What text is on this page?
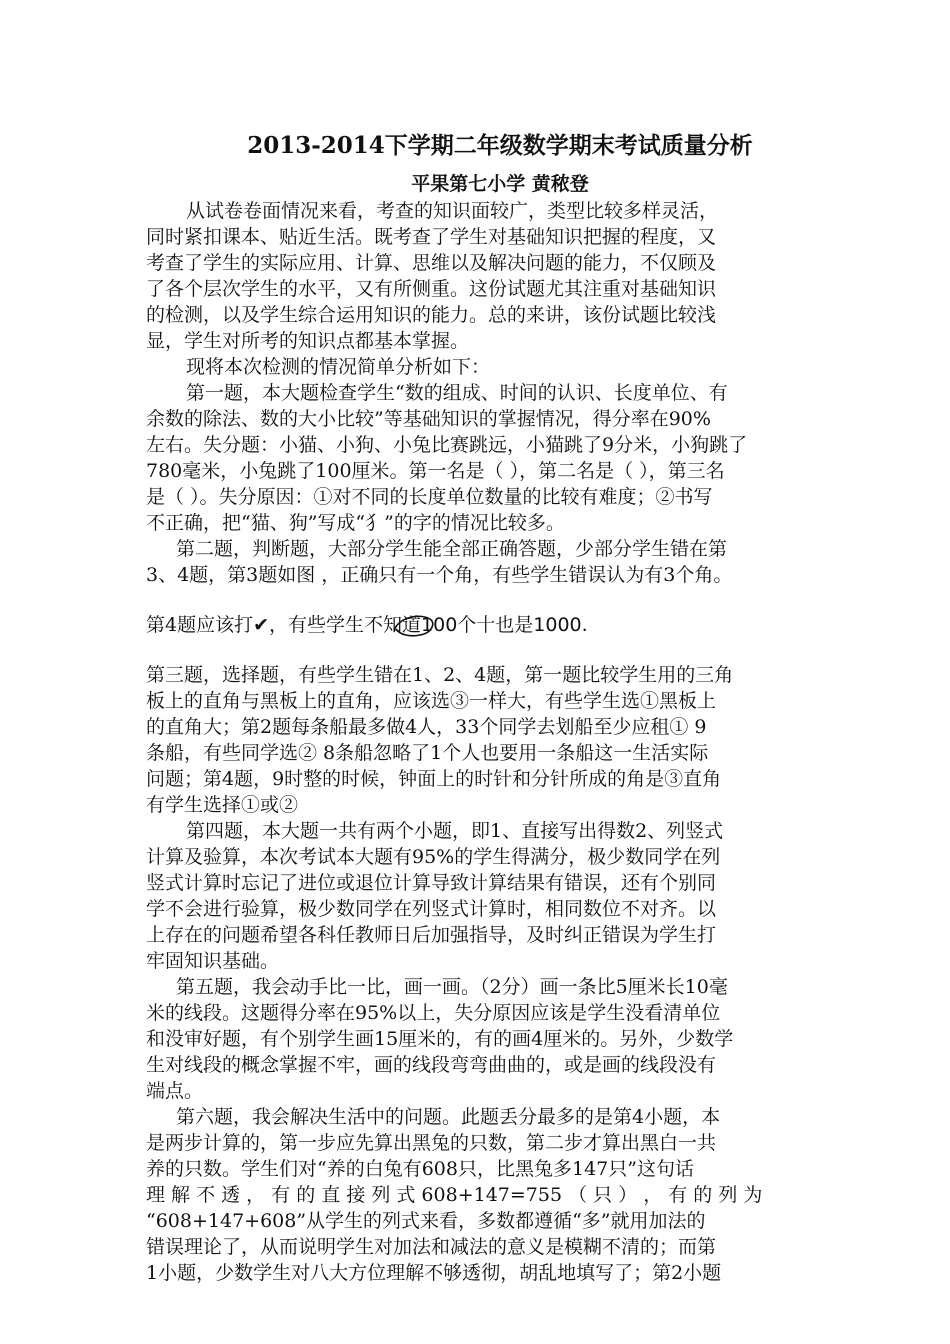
2013-2014下学期二年级数学期末考试质量分析
平果第七小学 黄秾登
从试卷卷面情况来看，考查的知识面较广，类型比较多样灵活，
同时紧扣课本、贴近生活。既考查了学生对基础知识把握的程度，又
考查了学生的实际应用、计算、思维以及解决问题的能力，不仅顾及
了各个层次学生的水平，又有所侧重。这份试题尤其注重对基础知识
的检测，以及学生综合运用知识的能力。总的来讲，该份试题比较浅
显，学生对所考的知识点都基本掌握。
现将本次检测的情况简单分析如下：
第一题，本大题检查学生“数的组成、时间的认识、长度单位、有
余数的除法、数的大小比较”等基础知识的掌握情况，得分率在90%
左右。失分题：小猫、小狗、小兔比赛跳远，小猫跳了9分米，小狗跳了
780毫米，小兔跳了100厘米。第一名是（ ），第二名是（ ），第三名
是（ ）。失分原因：①对不同的长度单位数量的比较有难度；②书写
不正确，把“猫、狗”写成“犭”的字的情况比较多。
第二题，判断题，大部分学生能全部正确答题，少部分学生错在第
3、4题，第3题如图 ，正确只有一个角，有些学生错误认为有3个角。
第4题应该打✔，有些学生不知道100个十也是1000.
第三题，选择题，有些学生错在1、2、4题，第一题比较学生用的三角
板上的直角与黑板上的直角，应该选③一样大，有些学生选①黑板上
的直角大；第2题每条船最多做4人，33个同学去划船至少应租① 9
条船，有些同学选② 8条船忽略了1个人也要用一条船这一生活实际
问题；第4题，9时整的时候，钟面上的时针和分针所成的角是③直角
有学生选择①或②
第四题，本大题一共有两个小题，即1、直接写出得数2、列竖式
计算及验算，本次考试本大题有95%的学生得满分，极少数同学在列
竖式计算时忘记了进位或退位计算导致计算结果有错误，还有个别同
学不会进行验算，极少数同学在列竖式计算时，相同数位不对齐。以
上存在的问题希望各科任教师日后加强指导，及时纠正错误为学生打
牢固知识基础。
第五题，我会动手比一比，画一画。（2分）画一条比5厘米长10毫
米的线段。这题得分率在95%以上，失分原因应该是学生没看清单位
和没审好题，有个别学生画15厘米的，有的画4厘米的。另外，少数学
生对线段的概念掌握不牢，画的线段弯弯曲曲的，或是画的线段没有
端点。
第六题，我会解决生活中的问题。此题丢分最多的是第4小题，本
是两步计算的，第一步应先算出黑兔的只数，第二步才算出黑白一共
养的只数。学生们对“养的白兔有608只，比黑兔多147只”这句话
理 解 不 透 ， 有 的 直 接 列 式 608+147=755 （ 只 ） ， 有 的 列 为
“608+147+608”从学生的列式来看，多数都遵循“多”就用加法的
错误理论了，从而说明学生对加法和减法的意义是模糊不清的；而第
1小题，少数学生对八大方位理解不够透彻，胡乱地填写了；第2小题
